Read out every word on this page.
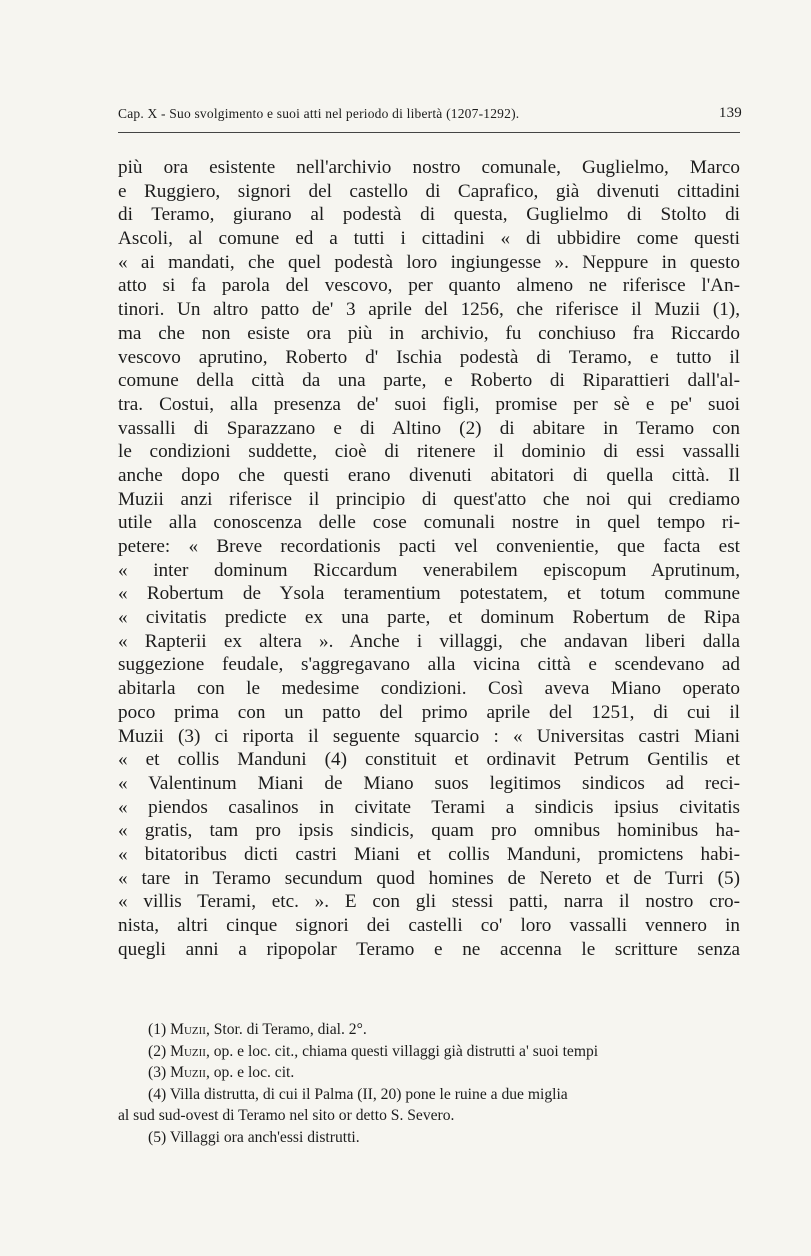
Cap. X - Suo svolgimento e suoi atti nel periodo di libertà (1207-1292).	139
più ora esistente nell'archivio nostro comunale, Guglielmo, Marco
e Ruggiero, signori del castello di Caprafico, già divenuti cittadini
di Teramo, giurano al podestà di questa, Guglielmo di Stolto di
Ascoli, al comune ed a tutti i cittadini « di ubbidire come questi
« ai mandati, che quel podestà loro ingiungesse ». Neppure in questo
atto si fa parola del vescovo, per quanto almeno ne riferisce l'An-
tinori. Un altro patto de' 3 aprile del 1256, che riferisce il Muzii (1),
ma che non esiste ora più in archivio, fu conchiuso fra Riccardo
vescovo aprutino, Roberto d' Ischia podestà di Teramo, e tutto il
comune della città da una parte, e Roberto di Riparattieri dall'al-
tra. Costui, alla presenza de' suoi figli, promise per sè e pe' suoi
vassalli di Sparazzano e di Altino (2) di abitare in Teramo con
le condizioni suddette, cioè di ritenere il dominio di essi vassalli
anche dopo che questi erano divenuti abitatori di quella città. Il
Muzii anzi riferisce il principio di quest'atto che noi qui crediamo
utile alla conoscenza delle cose comunali nostre in quel tempo ri-
petere: « Breve recordationis pacti vel convenientie, que facta est
« inter dominum Riccardum venerabilem episcopum Aprutinum,
« Robertum de Ysola teramentium potestatem, et totum commune
« civitatis predicte ex una parte, et dominum Robertum de Ripa
« Rapterii ex altera ». Anche i villaggi, che andavan liberi dalla
suggezione feudale, s'aggregavano alla vicina città e scendevano ad
abitarla con le medesime condizioni. Così aveva Miano operato
poco prima con un patto del primo aprile del 1251, di cui il
Muzii (3) ci riporta il seguente squarcio : « Universitas castri Miani
« et collis Manduni (4) constituit et ordinavit Petrum Gentilis et
« Valentinum Miani de Miano suos legitimos sindicos ad reci-
« piendos casalinos in civitate Terami a sindicis ipsius civitatis
« gratis, tam pro ipsis sindicis, quam pro omnibus hominibus ha-
« bitatoribus dicti castri Miani et collis Manduni, promictens habi-
« tare in Teramo secundum quod homines de Nereto et de Turri (5)
« villis Terami, etc. ». E con gli stessi patti, narra il nostro cro-
nista, altri cinque signori dei castelli co' loro vassalli vennero in
quegli anni a ripopolar Teramo e ne accenna le scritture senza
(1) Muzii, Stor. di Teramo, dial. 2°.
(2) Muzii, op. e loc. cit., chiama questi villaggi già distrutti a' suoi tempi
(3) Muzii, op. e loc. cit.
(4) Villa distrutta, di cui il Palma (II, 20) pone le ruine a due miglia
al sud sud-ovest di Teramo nel sito or detto S. Severo.
(5) Villaggi ora anch'essi distrutti.
